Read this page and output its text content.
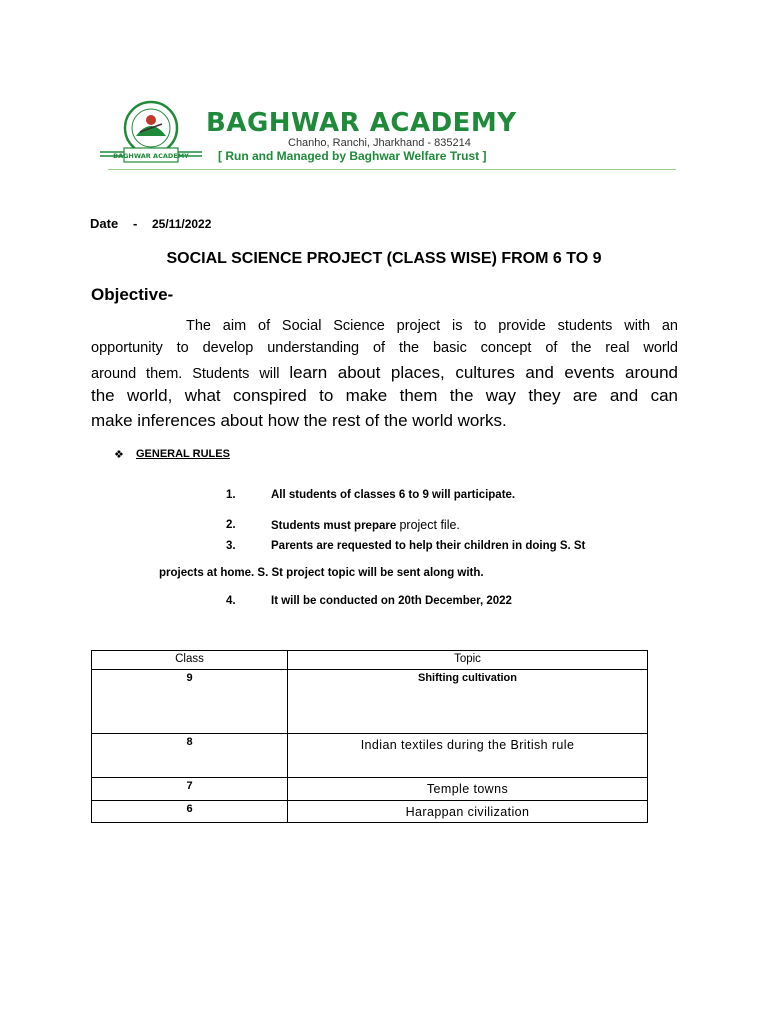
BAGHWAR ACADEMY
BAGHWAR ACADEMY
Chanho, Ranchi, Jharkhand - 835214
[ Run and Managed by Baghwar Welfare Trust ]
Date - 25/11/2022
SOCIAL SCIENCE PROJECT (CLASS WISE) FROM 6 TO 9
Objective-
The aim of Social Science project is to provide students with an
opportunity to develop understanding of the basic concept of the real world
around them. Students will learn about places, cultures and events around
the world, what conspired to make them the way they are and can
make inferences about how the rest of the world works.
❖ GENERAL RULES
1.	All students of classes 6 to 9 will participate.
2.	Students must prepare project file.
3.	Parents are requested to help their children in doing S. St
projects at home. S. St project topic will be sent along with.
4.	It will be conducted on 20th December, 2022
Class	Topic
9	Shifting cultivation
8	Indian textiles during the British rule
7	Temple towns
6	Harappan civilization
